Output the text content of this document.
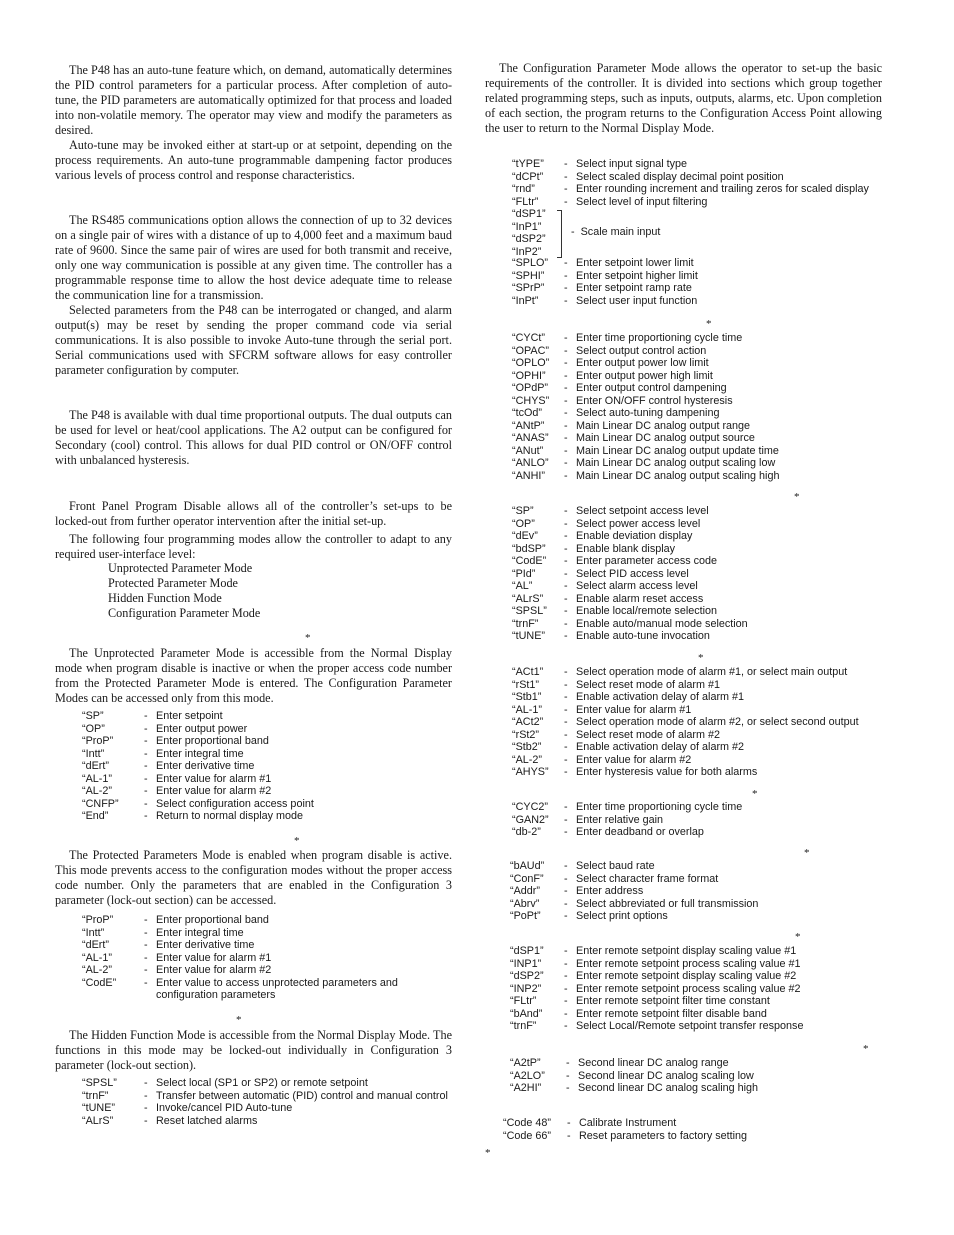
The P48 has an auto-tune feature which, on demand, automatically determines the PID control parameters for a particular process. After completion of auto-tune, the PID parameters are automatically optimized for that process and loaded into non-volatile memory. The operator may view and modify the parameters as desired.

Auto-tune may be invoked either at start-up or at setpoint, depending on the process requirements. An auto-tune programmable dampening factor produces various levels of process control and response characteristics.

The RS485 communications option allows the connection of up to 32 devices on a single pair of wires with a distance of up to 4,000 feet and a maximum baud rate of 9600. Since the same pair of wires are used for both transmit and receive, only one way communication is possible at any given time. The controller has a programmable response time to allow the host device adequate time to release the communication line for a transmission.

Selected parameters from the P48 can be interrogated or changed, and alarm output(s) may be reset by sending the proper command code via serial communications. It is also possible to invoke Auto-tune through the serial port. Serial communications used with SFCRM software allows for easy controller parameter configuration by computer.

The P48 is available with dual time proportional outputs. The dual outputs can be used for level or heat/cool applications. The A2 output can be configured for Secondary (cool) control. This allows for dual PID control or ON/OFF control with unbalanced hysteresis.

Front Panel Program Disable allows all of the controller’s set-ups to be locked-out from further operator intervention after the initial set-up.

The following four programming modes allow the controller to adapt to any required user-interface level:

Unprotected Parameter Mode
Protected Parameter Mode
Hidden Function Mode
Configuration Parameter Mode
*

The Unprotected Parameter Mode is accessible from the Normal Display mode when program disable is inactive or when the proper access code number from the Protected Parameter Mode is entered. The Configuration Parameter Modes can be accessed only from this mode.

“SP”	- Enter setpoint
“OP”	- Enter output power
“ProP”	- Enter proportional band
“Intt”	- Enter integral time
“dErt”	- Enter derivative time
“AL-1”	- Enter value for alarm #1
“AL-2”	- Enter value for alarm #2
“CNFP”	- Select configuration access point
“End”	- Return to normal display mode
*

The Protected Parameters Mode is enabled when program disable is active. This mode prevents access to the configuration modes without the proper access code number. Only the parameters that are enabled in the Configuration 3 parameter (lock-out section) can be accessed.

“ProP”	- Enter proportional band
“Intt”	- Enter integral time
“dErt”	- Enter derivative time
“AL-1”	- Enter value for alarm #1
“AL-2”	- Enter value for alarm #2
“CodE”	- Enter value to access unprotected parameters and configuration parameters
*

The Hidden Function Mode is accessible from the Normal Display Mode. The functions in this mode may be locked-out individually in Configuration 3 parameter (lock-out section).

“SPSL”	- Select local (SP1 or SP2) or remote setpoint
“trnF”	- Transfer between automatic (PID) control and manual control
“tUNE”	- Invoke/cancel PID Auto-tune
“ALrS”	- Reset latched alarms

The Configuration Parameter Mode allows the operator to set-up the basic requirements of the controller. It is divided into sections which group together related programming steps, such as inputs, outputs, alarms, etc. Upon completion of each section, the program returns to the Configuration Access Point allowing the user to return to the Normal Display Mode.

“tYPE”	- Select input signal type
“dCPt”	- Select scaled display decimal point position
“rnd”	- Enter rounding increment and trailing zeros for scaled display
“FLtr”	- Select level of input filtering
“dSP1”
“InP1”
“dSP2”
“InP2”
- Scale main input
“SPLO”	- Enter setpoint lower limit
“SPHI”	- Enter setpoint higher limit
“SPrP”	- Enter setpoint ramp rate
“InPt”	- Select user input function
*
“CYCt”	- Enter time proportioning cycle time
“OPAC”	- Select output control action
“OPLO”	- Enter output power low limit
“OPHI”	- Enter output power high limit
“OPdP”	- Enter output control dampening
“CHYS”	- Enter ON/OFF control hysteresis
“tcOd”	- Select auto-tuning dampening
“ANtP”	- Main Linear DC analog output range
“ANAS”	- Main Linear DC analog output source
“ANut”	- Main Linear DC analog output update time
“ANLO”	- Main Linear DC analog output scaling low
“ANHI”	- Main Linear DC analog output scaling high
*
“SP”	- Select setpoint access level
“OP”	- Select power access level
“dEv”	- Enable deviation display
“bdSP”	- Enable blank display
“CodE”	- Enter parameter access code
“PId”	- Select PID access level
“AL”	- Select alarm access level
“ALrS”	- Enable alarm reset access
“SPSL”	- Enable local/remote selection
“trnF”	- Enable auto/manual mode selection
“tUNE”	- Enable auto-tune invocation
*
“ACt1”	- Select operation mode of alarm #1, or select main output
“rSt1”	- Select reset mode of alarm #1
“Stb1”	- Enable activation delay of alarm #1
“AL-1”	- Enter value for alarm #1
“ACt2”	- Select operation mode of alarm #2, or select second output
“rSt2”	- Select reset mode of alarm #2
“Stb2”	- Enable activation delay of alarm #2
“AL-2”	- Enter value for alarm #2
“AHYS”	- Enter hysteresis value for both alarms
*
“CYC2”	- Enter time proportioning cycle time
“GAN2”	- Enter relative gain
“db-2”	- Enter deadband or overlap
*
“bAUd”	- Select baud rate
“ConF”	- Select character frame format
“Addr”	- Enter address
“Abrv”	- Select abbreviated or full transmission
“PoPt”	- Select print options
*
“dSP1”	- Enter remote setpoint display scaling value #1
“INP1”	- Enter remote setpoint process scaling value #1
“dSP2”	- Enter remote setpoint display scaling value #2
“INP2”	- Enter remote setpoint process scaling value #2
“FLtr”	- Enter remote setpoint filter time constant
“bAnd”	- Enter remote setpoint filter disable band
“trnF”	- Select Local/Remote setpoint transfer response
*
“A2tP”	- Second linear DC analog range
“A2LO”	- Second linear DC analog scaling low
“A2HI”	- Second linear DC analog scaling high
“Code 48”	- Calibrate Instrument
“Code 66”	- Reset parameters to factory setting
*
